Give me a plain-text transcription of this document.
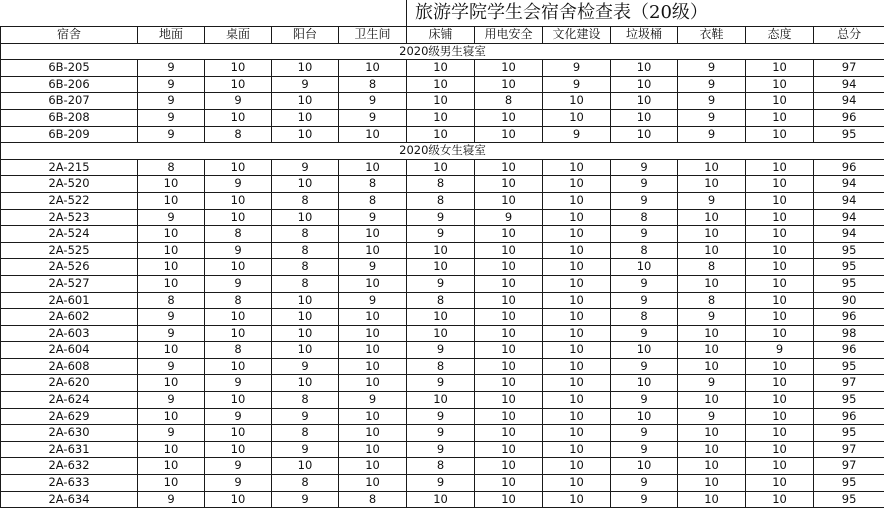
					旅游学院学生会宿舍检查表（20级）						
宿舍	地面	桌面	阳台	卫生间	床铺	用电安全	文化建设	垃圾桶	衣鞋	态度	总分
2020级男生寝室											
6B-205	9	10	10	10	10	10	9	10	9	10	97
6B-206	9	10	9	8	10	10	9	10	9	10	94
6B-207	9	9	10	9	10	8	10	10	9	10	94
6B-208	9	10	10	9	10	10	10	10	9	10	96
6B-209	9	8	10	10	10	10	9	10	9	10	95
2020级女生寝室											
2A-215	8	10	9	10	10	10	10	9	10	10	96
2A-520	10	9	10	8	8	10	10	9	10	10	94
2A-522	10	10	8	8	8	10	10	9	9	10	94
2A-523	9	10	10	9	9	9	10	8	10	10	94
2A-524	10	8	8	10	9	10	10	9	10	10	94
2A-525	10	9	8	10	10	10	10	8	10	10	95
2A-526	10	10	8	9	10	10	10	10	8	10	95
2A-527	10	9	8	10	9	10	10	9	10	10	95
2A-601	8	8	10	9	8	10	10	9	8	10	90
2A-602	9	10	10	10	10	10	10	8	9	10	96
2A-603	9	10	10	10	10	10	10	9	10	10	98
2A-604	10	8	10	10	9	10	10	10	10	9	96
2A-608	9	10	9	10	8	10	10	9	10	10	95
2A-620	10	9	10	10	9	10	10	10	9	10	97
2A-624	9	10	8	9	10	10	10	9	10	10	95
2A-629	10	9	9	10	9	10	10	10	9	10	96
2A-630	9	10	8	10	9	10	10	9	10	10	95
2A-631	10	10	9	10	9	10	10	9	10	10	97
2A-632	10	9	10	10	8	10	10	10	10	10	97
2A-633	10	9	8	10	9	10	10	9	10	10	95
2A-634	9	10	9	8	10	10	10	9	10	10	95
